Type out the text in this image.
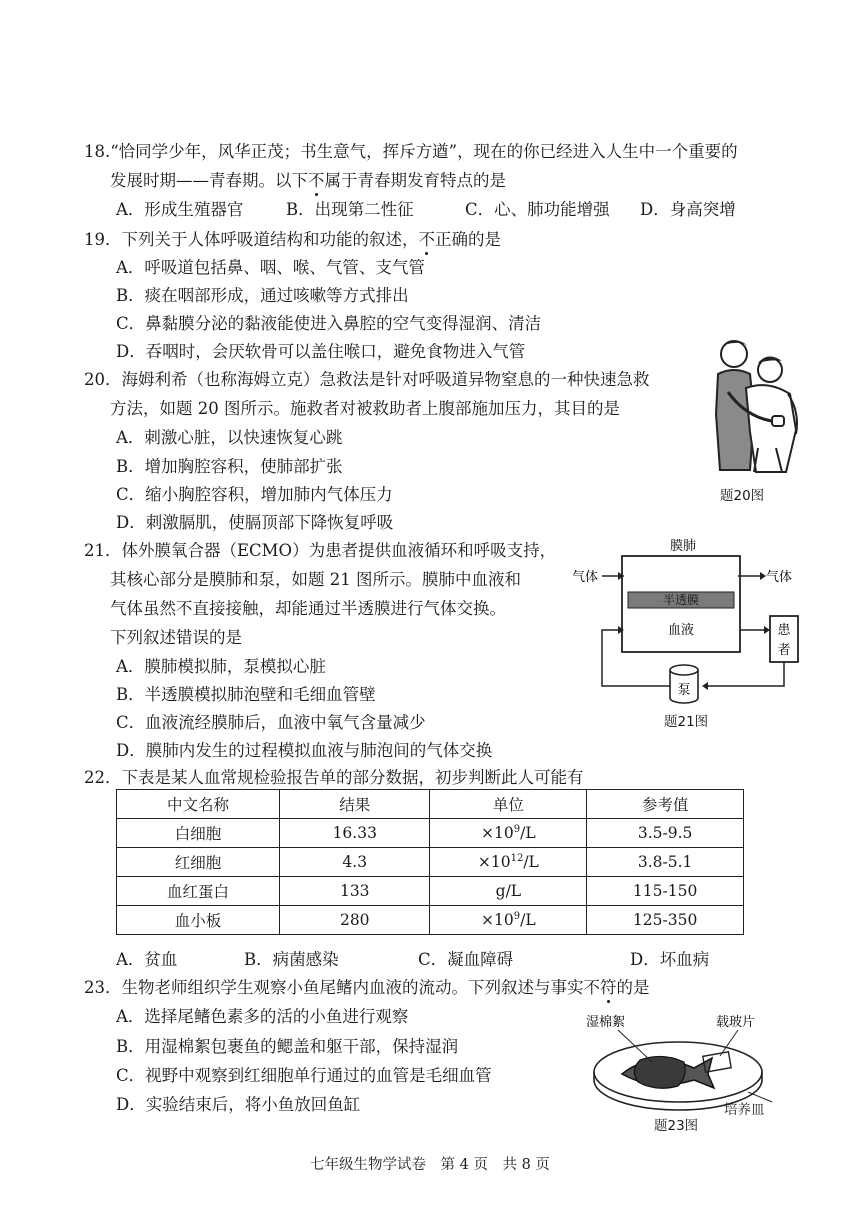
18.“恰同学少年，风华正茂；书生意气，挥斥方遒”，现在的你已经进入人生中一个重要的
发展时期——青春期。以下不属于青春期发育特点的是
A．形成生殖器官	B．出现第二性征	C．心、肺功能增强 D．身高突增
19．下列关于人体呼吸道结构和功能的叙述，不正确的是
A．呼吸道包括鼻、咽、喉、气管、支气管
B．痰在咽部形成，通过咳嗽等方式排出
C．鼻黏膜分泌的黏液能使进入鼻腔的空气变得湿润、清洁
D．吞咽时，会厌软骨可以盖住喉口，避免食物进入气管
20．海姆利希（也称海姆立克）急救法是针对呼吸道异物窒息的一种快速急救
方法，如题 20 图所示。施救者对被救助者上腹部施加压力，其目的是
A．刺激心脏，以快速恢复心跳
B．增加胸腔容积，使肺部扩张
C．缩小胸腔容积，增加肺内气体压力
D．刺激膈肌，使膈顶部下降恢复呼吸
题20图
21．体外膜氧合器（ECMO）为患者提供血液循环和呼吸支持，
其核心部分是膜肺和泵，如题 21 图所示。膜肺中血液和
气体虽然不直接接触，却能通过半透膜进行气体交换。
下列叙述错误的是
A．膜肺模拟肺，泵模拟心脏
B．半透膜模拟肺泡壁和毛细血管壁
C．血液流经膜肺后，血液中氧气含量减少
D．膜肺内发生的过程模拟血液与肺泡间的气体交换
膜肺
气体	气体
半透膜
血液	患
者
泵
题21图
22．下表是某人血常规检验报告单的部分数据，初步判断此人可能有
中文名称	结果	单位	参考值
白细胞	16.33	$\times 10^9/L$	3.5-9.5
红细胞	4.3	$\times 10^{12}/L$	3.8-5.1
血红蛋白	133	g/L	115-150
血小板	280	$\times 10^9/L$	125-350
A．贫血	B．病菌感染	C．凝血障碍	D．坏血病
23．生物老师组织学生观察小鱼尾鳍内血液的流动。下列叙述与事实不符的是
A．选择尾鳍色素多的活的小鱼进行观察
B．用湿棉絮包裹鱼的鳃盖和躯干部，保持湿润
C．视野中观察到红细胞单行通过的血管是毛细血管
D．实验结束后，将小鱼放回鱼缸
湿棉絮	载玻片
培养皿
题23图
七年级生物学试卷　第 4 页　共 8 页
